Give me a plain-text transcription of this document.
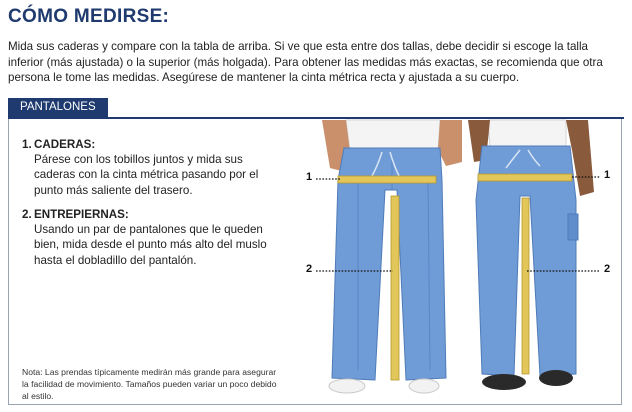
CÓMO MEDIRSE:
Mida sus caderas y compare con la tabla de arriba. Si ve que esta entre dos tallas, debe decidir si escoge la talla inferior (más ajustada) o la superior (más holgada). Para obtener las medidas más exactas, se recomienda que otra persona le tome las medidas. Asegúrese de mantener la cinta métrica recta y ajustada a su cuerpo.
PANTALONES
1. CADERAS:
Párese con los tobillos juntos y mida sus caderas con la cinta métrica pasando por el punto más saliente del trasero.
2. ENTREPIERNAS:
Usando un par de pantalones que le queden bien, mida desde el punto más alto del muslo hasta el dobladillo del pantalón.
Nota: Las prendas típicamente medirán más grande para asegurar la facilidad de movimiento. Tamaños pueden variar un poco debido al estilo.
1	1
2	2
